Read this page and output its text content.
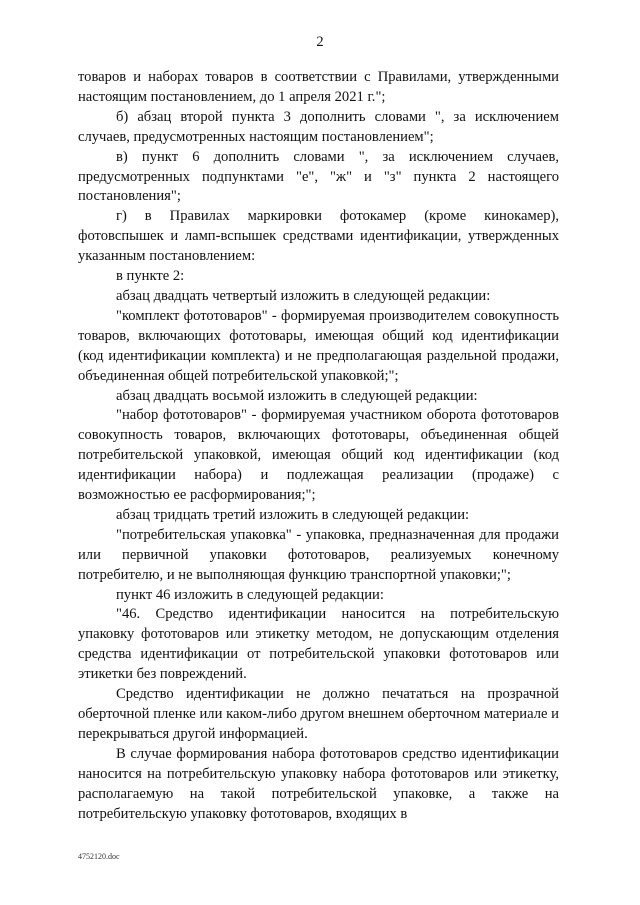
2

товаров и наборах товаров в соответствии с Правилами, утвержденными настоящим постановлением, до 1 апреля 2021 г.";

б) абзац второй пункта 3 дополнить словами ", за исключением случаев, предусмотренных настоящим постановлением";

в) пункт 6 дополнить словами ", за исключением случаев, предусмотренных подпунктами "е", "ж" и "з" пункта 2 настоящего постановления";

г) в Правилах маркировки фотокамер (кроме кинокамер), фотовспышек и ламп-вспышек средствами идентификации, утвержденных указанным постановлением:

в пункте 2:

абзац двадцать четвертый изложить в следующей редакции:

"комплект фототоваров" - формируемая производителем совокупность товаров, включающих фототовары, имеющая общий код идентификации (код идентификации комплекта) и не предполагающая раздельной продажи, объединенная общей потребительской упаковкой;";

абзац двадцать восьмой изложить в следующей редакции:

"набор фототоваров" - формируемая участником оборота фототоваров совокупность товаров, включающих фототовары, объединенная общей потребительской упаковкой, имеющая общий код идентификации (код идентификации набора) и подлежащая реализации (продаже) с возможностью ее расформирования;";

абзац тридцать третий изложить в следующей редакции:

"потребительская упаковка" - упаковка, предназначенная для продажи или первичной упаковки фототоваров, реализуемых конечному потребителю, и не выполняющая функцию транспортной упаковки;";

пункт 46 изложить в следующей редакции:

"46. Средство идентификации наносится на потребительскую упаковку фототоваров или этикетку методом, не допускающим отделения средства идентификации от потребительской упаковки фототоваров или этикетки без повреждений.

Средство идентификации не должно печататься на прозрачной оберточной пленке или каком-либо другом внешнем оберточном материале и перекрываться другой информацией.

В случае формирования набора фототоваров средство идентификации наносится на потребительскую упаковку набора фототоваров или этикетку, располагаемую на такой потребительской упаковке, а также на потребительскую упаковку фототоваров, входящих в

4752120.doc
